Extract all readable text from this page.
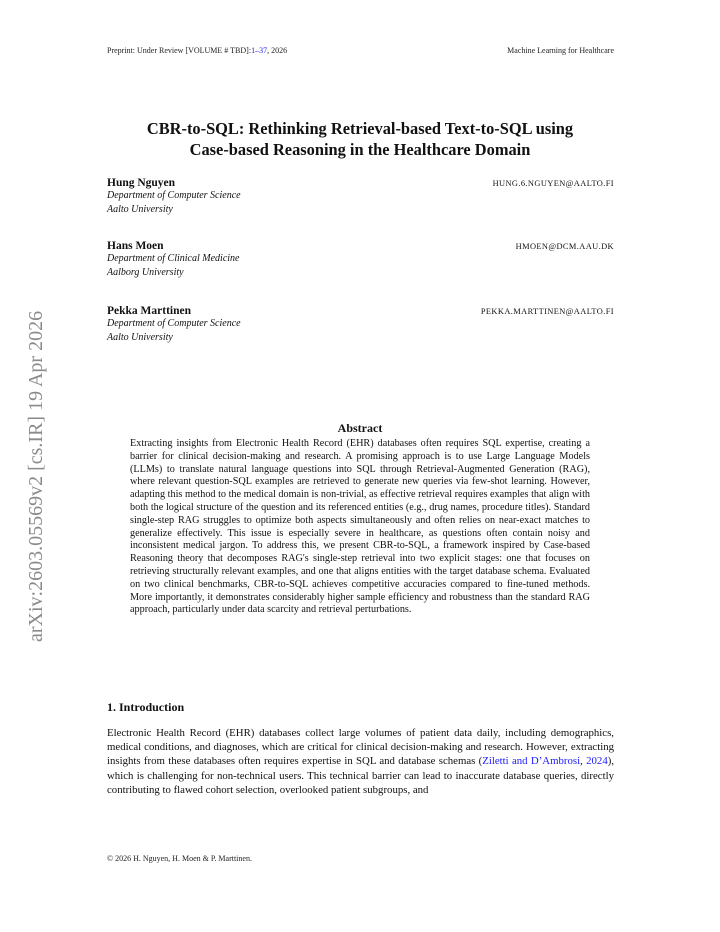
Preprint: Under Review [VOLUME # TBD]:1–37, 2026	Machine Learning for Healthcare
arXiv:2603.05569v2 [cs.IR] 19 Apr 2026
CBR-to-SQL: Rethinking Retrieval-based Text-to-SQL using
Case-based Reasoning in the Healthcare Domain
Hung Nguyen	HUNG.6.NGUYEN@AALTO.FI
Department of Computer Science
Aalto University
Hans Moen	HMOEN@DCM.AAU.DK
Department of Clinical Medicine
Aalborg University
Pekka Marttinen	PEKKA.MARTTINEN@AALTO.FI
Department of Computer Science
Aalto University
Abstract
Extracting insights from Electronic Health Record (EHR) databases often requires SQL expertise, creating a barrier for clinical decision-making and research. A promising approach is to use Large Language Models (LLMs) to translate natural language questions into SQL through Retrieval-Augmented Generation (RAG), where relevant question-SQL examples are retrieved to generate new queries via few-shot learning. However, adapting this method to the medical domain is non-trivial, as effective retrieval requires examples that align with both the logical structure of the question and its referenced entities (e.g., drug names, procedure titles). Standard single-step RAG struggles to optimize both aspects simultaneously and often relies on near-exact matches to generalize effectively. This issue is especially severe in healthcare, as questions often contain noisy and inconsistent medical jargon. To address this, we present CBR-to-SQL, a framework inspired by Case-based Reasoning theory that decomposes RAG's single-step retrieval into two explicit stages: one that focuses on retrieving structurally relevant examples, and one that aligns entities with the target database schema. Evaluated on two clinical benchmarks, CBR-to-SQL achieves competitive accuracies compared to fine-tuned methods. More importantly, it demonstrates considerably higher sample efficiency and robustness than the standard RAG approach, particularly under data scarcity and retrieval perturbations.
1. Introduction
Electronic Health Record (EHR) databases collect large volumes of patient data daily, including demographics, medical conditions, and diagnoses, which are critical for clinical decision-making and research. However, extracting insights from these databases often requires expertise in SQL and database schemas (Ziletti and D’Ambrosi, 2024), which is challenging for non-technical users. This technical barrier can lead to inaccurate database queries, directly contributing to flawed cohort selection, overlooked patient subgroups, and
© 2026 H. Nguyen, H. Moen & P. Marttinen.
